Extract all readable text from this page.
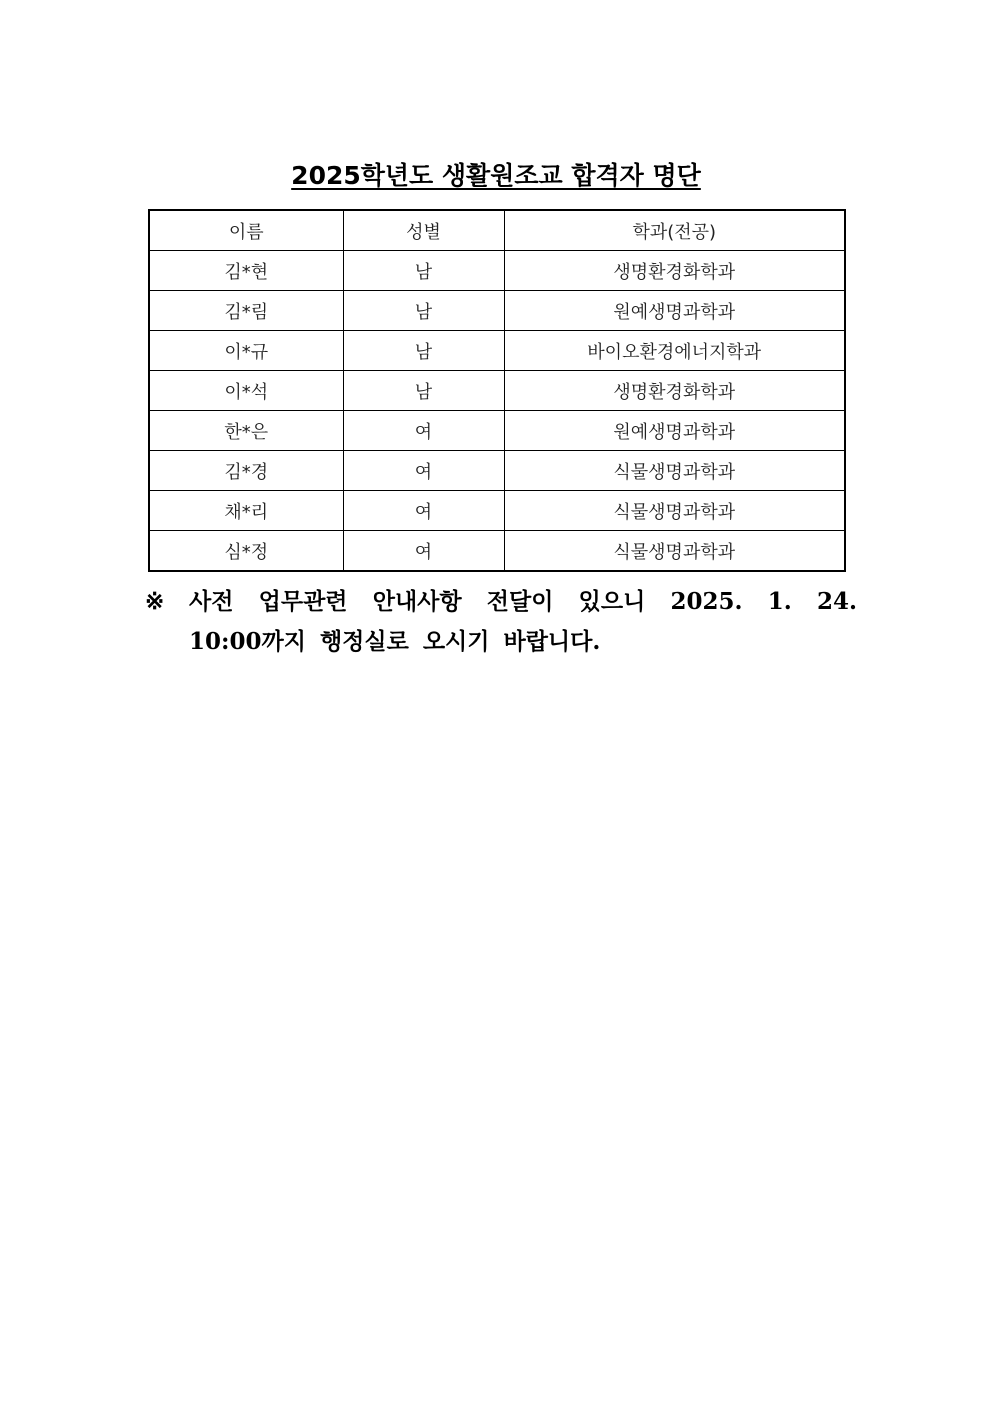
2025학년도 생활원조교 합격자 명단
이름	성별	학과(전공)
김*현	남	생명환경화학과
김*림	남	원예생명과학과
이*규	남	바이오환경에너지학과
이*석	남	생명환경화학과
한*은	여	원예생명과학과
김*경	여	식물생명과학과
채*리	여	식물생명과학과
심*정	여	식물생명과학과
※	사전 업무관련 안내사항 전달이 있으니 2025. 1. 24.
10:00까지 행정실로 오시기 바랍니다.
